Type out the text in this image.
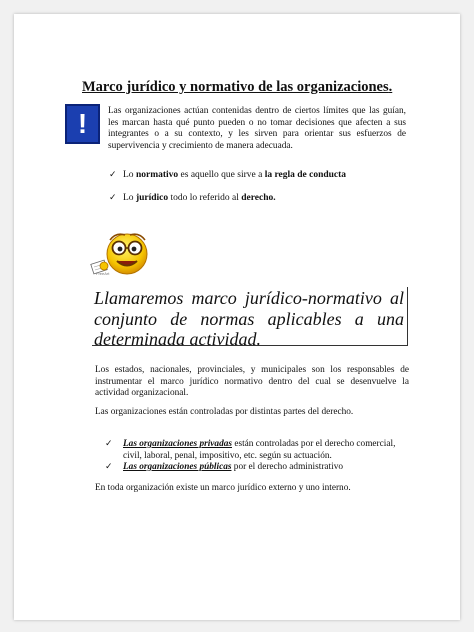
Marco jurídico y normativo de las organizaciones.
!	Las organizaciones actúan contenidas dentro de ciertos límites que las guían, les marcan hasta qué punto pueden o no tomar decisiones que afecten a sus integrantes o a su contexto, y les sirven para orientar sus esfuerzos de supervivencia y crecimiento de manera adecuada.
✓ Lo normativo es aquello que sirve a la regla de conducta
✓ Lo jurídico todo lo referido al derecho.
FreeArt

Llamaremos marco jurídico-normativo al conjunto de normas aplicables a una determinada actividad.

Los estados, nacionales, provinciales, y municipales son los responsables de instrumentar el marco jurídico normativo dentro del cual se desenvuelve la actividad organizacional.
Las organizaciones están controladas por distintas partes del derecho.
✓ Las organizaciones privadas están controladas por el derecho comercial, civil, laboral, penal, impositivo, etc. según su actuación.
✓ Las organizaciones públicas por el derecho administrativo
En toda organización existe un marco jurídico externo y uno interno.
